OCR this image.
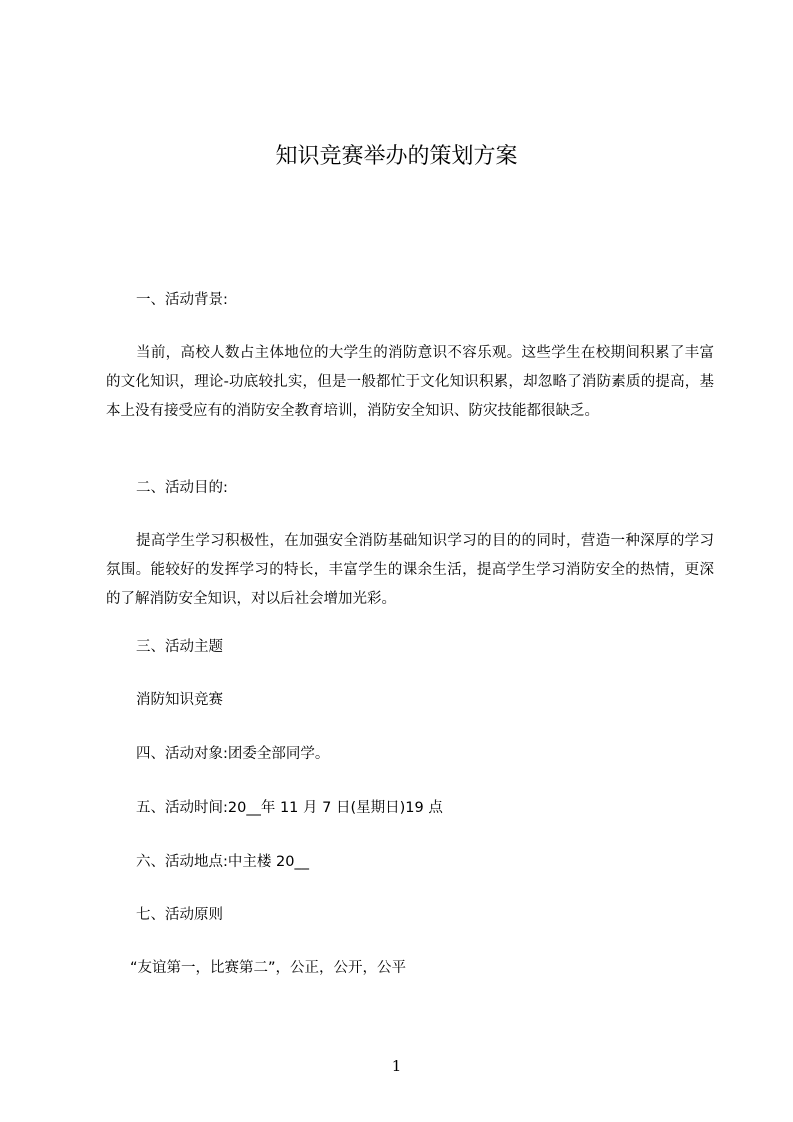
知识竞赛举办的策划方案
一、活动背景:

当前，高校人数占主体地位的大学生的消防意识不容乐观。这些学生在校期间积累了丰富的文化知识，理论-功底较扎实，但是一般都忙于文化知识积累，却忽略了消防素质的提高，基本上没有接受应有的消防安全教育培训，消防安全知识、防灾技能都很缺乏。

二、活动目的:

提高学生学习积极性，在加强安全消防基础知识学习的目的的同时，营造一种深厚的学习氛围。能较好的发挥学习的特长，丰富学生的课余生活，提高学生学习消防安全的热情，更深的了解消防安全知识，对以后社会增加光彩。

三、活动主题
消防知识竞赛
四、活动对象:团委全部同学。
五、活动时间:20__年 11 月 7 日(星期日)19 点
六、活动地点:中主楼 20__
七、活动原则
“友谊第一，比赛第二”，公正，公开，公平
1
